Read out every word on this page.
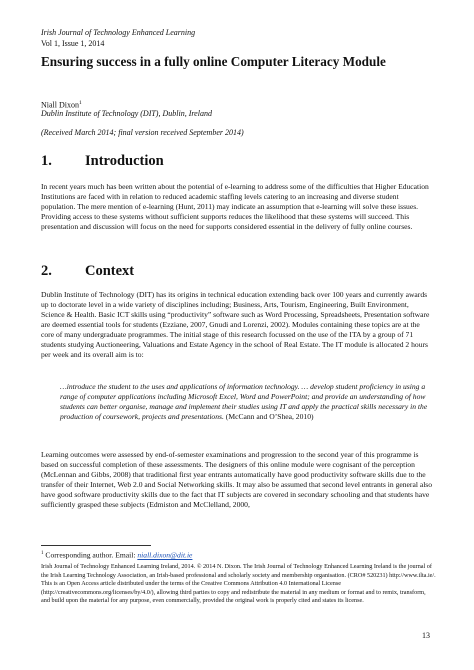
Irish Journal of Technology Enhanced Learning
Vol 1, Issue 1, 2014
Ensuring success in a fully online Computer Literacy Module
Niall Dixon$^1$
Dublin Institute of Technology (DIT), Dublin, Ireland
(Received March 2014; final version received September 2014)
1. Introduction

In recent years much has been written about the potential of e-learning to address some of the difficulties that Higher Education Institutions are faced with in relation to reduced academic staffing levels catering to an increasing and diverse student population. The mere mention of e-learning (Hunt, 2011) may indicate an assumption that e-learning will solve these issues. Providing access to these systems without sufficient supports reduces the likelihood that these systems will succeed. This presentation and discussion will focus on the need for supports considered essential in the delivery of fully online courses.

2. Context

Dublin Institute of Technology (DIT) has its origins in technical education extending back over 100 years and currently awards up to doctorate level in a wide variety of disciplines including; Business, Arts, Tourism, Engineering, Built Environment, Science & Health. Basic ICT skills using “productivity” software such as Word Processing, Spreadsheets, Presentation software are deemed essential tools for students (Ezziane, 2007, Gnudi and Lorenzi, 2002). Modules containing these topics are at the core of many undergraduate programmes. The initial stage of this research focussed on the use of the ITA by a group of 71 students studying Auctioneering, Valuations and Estate Agency in the school of Real Estate. The IT module is allocated 2 hours per week and its overall aim is to:

…introduce the student to the uses and applications of information technology. … develop student proficiency in using a range of computer applications including Microsoft Excel, Word and PowerPoint; and provide an understanding of how students can better organise, manage and implement their studies using IT and apply the practical skills necessary in the production of coursework, projects and presentations. (McCann and O’Shea, 2010)

Learning outcomes were assessed by end-of-semester examinations and progression to the second year of this programme is based on successful completion of these assessments. The designers of this online module were cognisant of the perception (McLennan and Gibbs, 2008) that traditional first year entrants automatically have good productivity software skills due to the transfer of their Internet, Web 2.0 and Social Networking skills. It may also be assumed that second level entrants in general also have good software productivity skills due to the fact that IT subjects are covered in secondary schooling and that students have sufficiently grasped these subjects (Edmiston and McClelland, 2000,

$^1$ Corresponding author. Email: niall.dixon@dit.ie

Irish Journal of Technology Enhanced Learning Ireland, 2014. © 2014 N. Dixon. The Irish Journal of Technology Enhanced Learning Ireland is the journal of the Irish Learning Technology Association, an Irish-based professional and scholarly society and membership organisation. (CRO# 520231) http://www.ilta.ie/. This is an Open Access article distributed under the terms of the Creative Commons Attribution 4.0 International License (http://creativecommons.org/licenses/by/4.0/), allowing third parties to copy and redistribute the material in any medium or format and to remix, transform, and build upon the material for any purpose, even commercially, provided the original work is properly cited and states its license.

13
